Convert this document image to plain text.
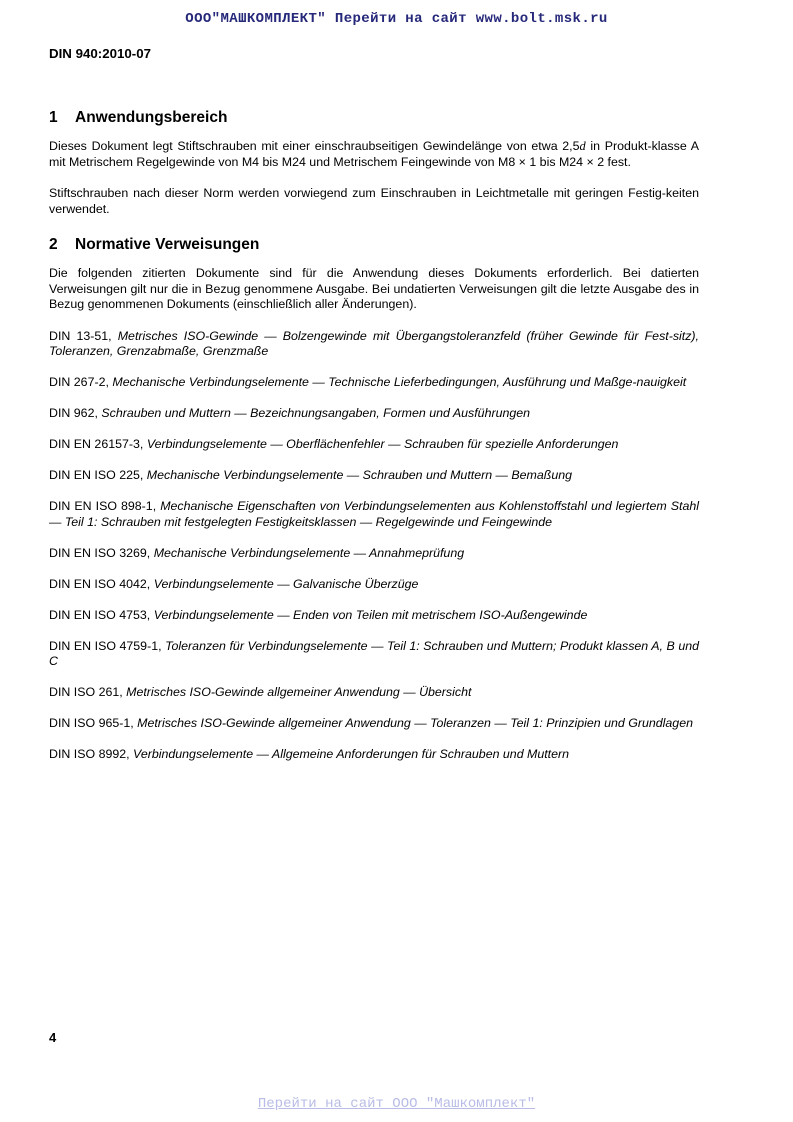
ООО"МАШКОМПЛЕКТ" Перейти на сайт www.bolt.msk.ru
DIN 940:2010-07
1 Anwendungsbereich

Dieses Dokument legt Stiftschrauben mit einer einschraubseitigen Gewindelänge von etwa 2,5d in Produkt-klasse A mit Metrischem Regelgewinde von M4 bis M24 und Metrischem Feingewinde von M8 × 1 bis M24 × 2 fest.

Stiftschrauben nach dieser Norm werden vorwiegend zum Einschrauben in Leichtmetalle mit geringen Festig-keiten verwendet.

2 Normative Verweisungen

Die folgenden zitierten Dokumente sind für die Anwendung dieses Dokuments erforderlich. Bei datierten Verweisungen gilt nur die in Bezug genommene Ausgabe. Bei undatierten Verweisungen gilt die letzte Ausgabe des in Bezug genommenen Dokuments (einschließlich aller Änderungen).

DIN 13-51, Metrisches ISO-Gewinde — Bolzengewinde mit Übergangstoleranzfeld (früher Gewinde für Fest-sitz), Toleranzen, Grenzabmaße, Grenzmaße

DIN 267-2, Mechanische Verbindungselemente — Technische Lieferbedingungen, Ausführung und Maßge-nauigkeit

DIN 962, Schrauben und Muttern — Bezeichnungsangaben, Formen und Ausführungen

DIN EN 26157-3, Verbindungselemente — Oberflächenfehler — Schrauben für spezielle Anforderungen

DIN EN ISO 225, Mechanische Verbindungselemente — Schrauben und Muttern — Bemaßung

DIN EN ISO 898-1, Mechanische Eigenschaften von Verbindungselementen aus Kohlenstoffstahl und legiertem Stahl — Teil 1: Schrauben mit festgelegten Festigkeitsklassen — Regelgewinde und Feingewinde

DIN EN ISO 3269, Mechanische Verbindungselemente — Annahmeprüfung

DIN EN ISO 4042, Verbindungselemente — Galvanische Überzüge

DIN EN ISO 4753, Verbindungselemente — Enden von Teilen mit metrischem ISO-Außengewinde

DIN EN ISO 4759-1, Toleranzen für Verbindungselemente — Teil 1: Schrauben und Muttern; Produkt klassen A, B und C

DIN ISO 261, Metrisches ISO-Gewinde allgemeiner Anwendung — Übersicht

DIN ISO 965-1, Metrisches ISO-Gewinde allgemeiner Anwendung — Toleranzen — Teil 1: Prinzipien und Grundlagen

DIN ISO 8992, Verbindungselemente — Allgemeine Anforderungen für Schrauben und Muttern

4
Перейти на сайт ООО "Машкомплект"
